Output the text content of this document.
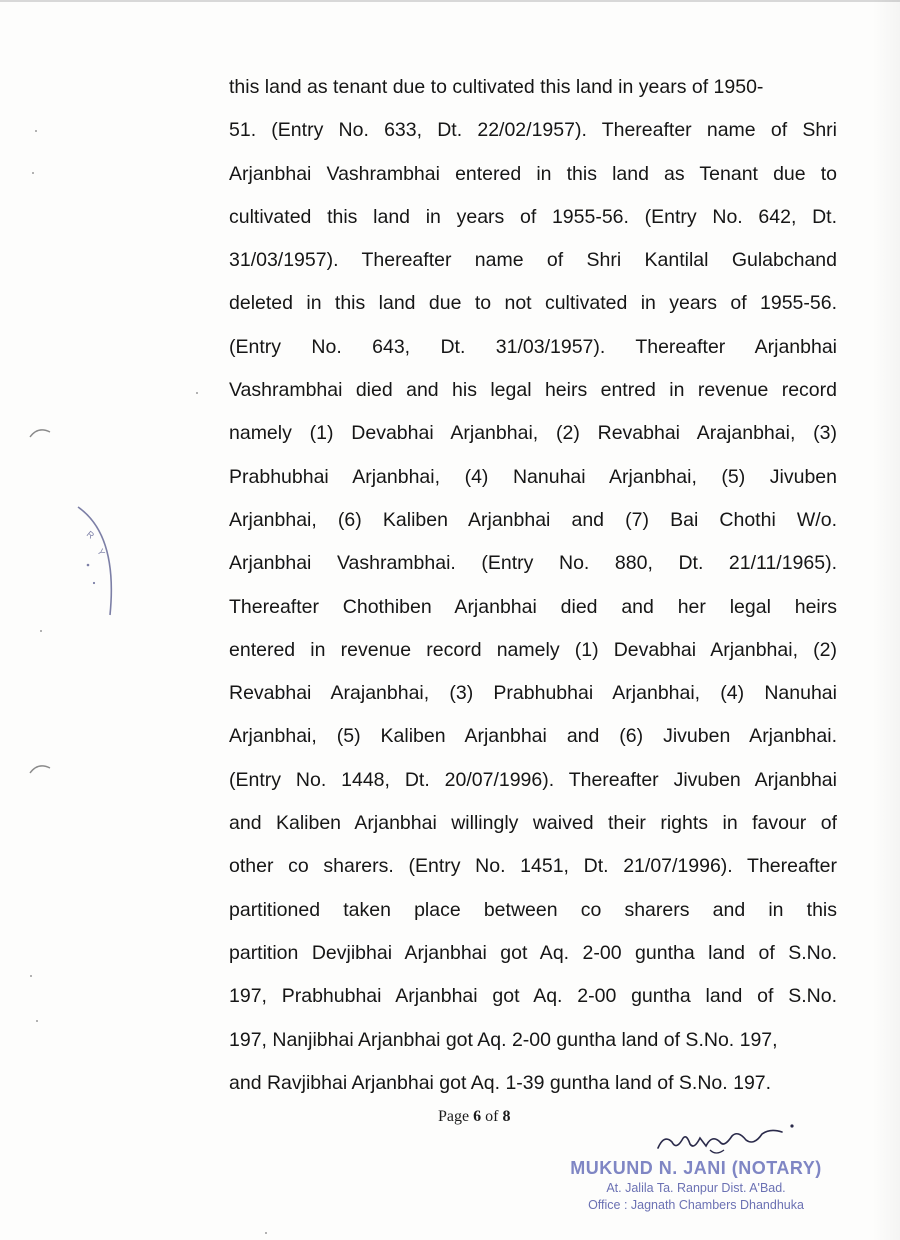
R
Y
this land as tenant due to cultivated this land in years of 1950-
51. (Entry No. 633, Dt. 22/02/1957). Thereafter name of Shri
Arjanbhai Vashrambhai entered in this land as Tenant due to
cultivated this land in years of 1955-56. (Entry No. 642, Dt.
31/03/1957). Thereafter name of Shri Kantilal Gulabchand
deleted in this land due to not cultivated in years of 1955-56.
(Entry No. 643, Dt. 31/03/1957). Thereafter Arjanbhai
Vashrambhai died and his legal heirs entred in revenue record
namely (1) Devabhai Arjanbhai, (2) Revabhai Arajanbhai, (3)
Prabhubhai Arjanbhai, (4) Nanuhai Arjanbhai, (5) Jivuben
Arjanbhai, (6) Kaliben Arjanbhai and (7) Bai Chothi W/o.
Arjanbhai Vashrambhai. (Entry No. 880, Dt. 21/11/1965).
Thereafter Chothiben Arjanbhai died and her legal heirs
entered in revenue record namely (1) Devabhai Arjanbhai, (2)
Revabhai Arajanbhai, (3) Prabhubhai Arjanbhai, (4) Nanuhai
Arjanbhai, (5) Kaliben Arjanbhai and (6) Jivuben Arjanbhai.
(Entry No. 1448, Dt. 20/07/1996). Thereafter Jivuben Arjanbhai
and Kaliben Arjanbhai willingly waived their rights in favour of
other co sharers. (Entry No. 1451, Dt. 21/07/1996). Thereafter
partitioned taken place between co sharers and in this
partition Devjibhai Arjanbhai got Aq. 2-00 guntha land of S.No.
197, Prabhubhai Arjanbhai got Aq. 2-00 guntha land of S.No.
197, Nanjibhai Arjanbhai got Aq. 2-00 guntha land of S.No. 197,
and Ravjibhai Arjanbhai got Aq. 1-39 guntha land of S.No. 197.
Page 6 of 8
MUKUND N. JANI (NOTARY)
At. Jalila Ta. Ranpur Dist. A'Bad.
Office : Jagnath Chambers Dhandhuka
